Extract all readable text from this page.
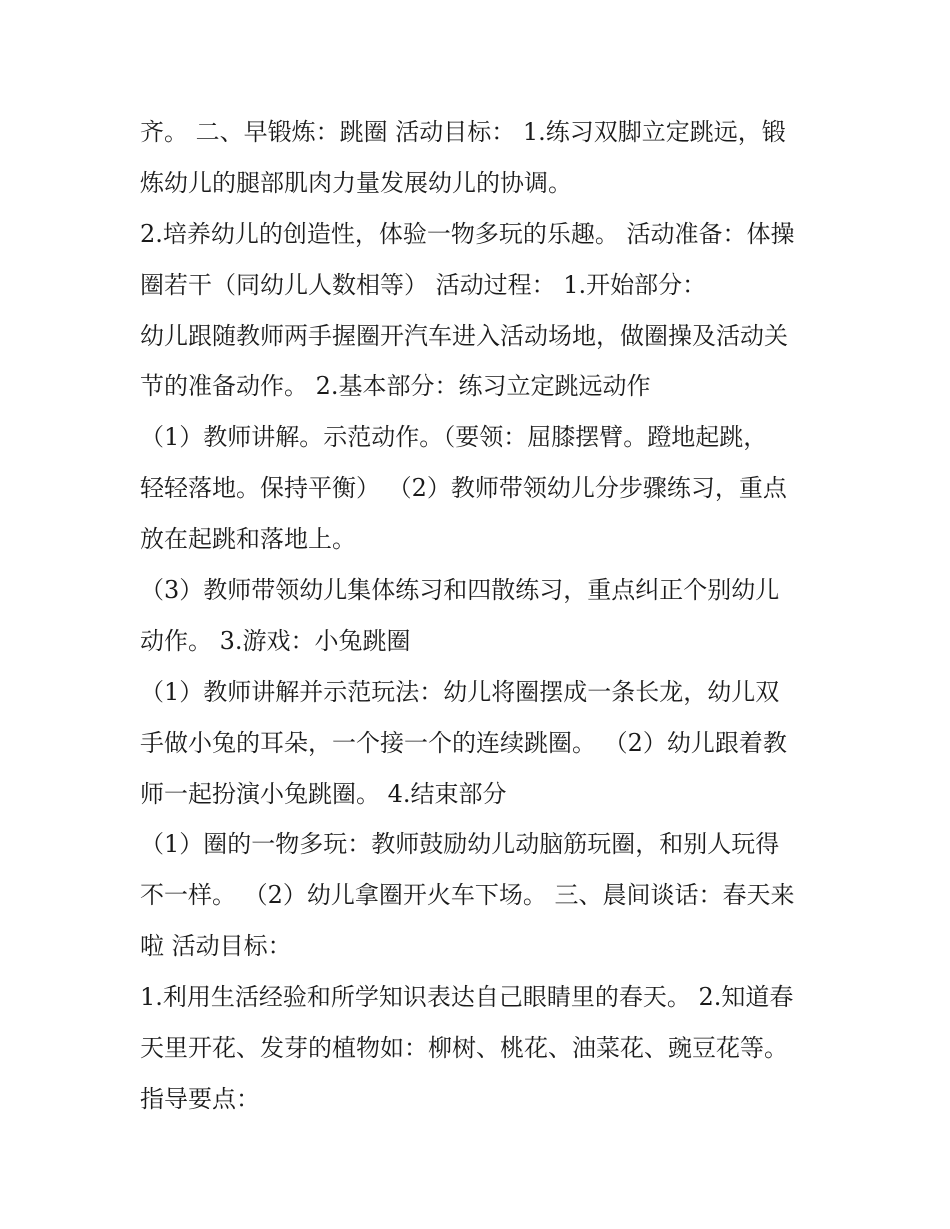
齐。 二、早锻炼：跳圈 活动目标： 1.练习双脚立定跳远，锻
炼幼儿的腿部肌肉力量发展幼儿的协调。
2.培养幼儿的创造性，体验一物多玩的乐趣。 活动准备：体操
圈若干（同幼儿人数相等） 活动过程： 1.开始部分：
幼儿跟随教师两手握圈开汽车进入活动场地，做圈操及活动关
节的准备动作。 2.基本部分：练习立定跳远动作
（1）教师讲解。示范动作。（要领：屈膝摆臂。蹬地起跳，
轻轻落地。保持平衡） （2）教师带领幼儿分步骤练习，重点
放在起跳和落地上。
（3）教师带领幼儿集体练习和四散练习，重点纠正个别幼儿
动作。 3.游戏：小兔跳圈
（1）教师讲解并示范玩法：幼儿将圈摆成一条长龙，幼儿双
手做小兔的耳朵，一个接一个的连续跳圈。 （2）幼儿跟着教
师一起扮演小兔跳圈。 4.结束部分
（1）圈的一物多玩：教师鼓励幼儿动脑筋玩圈，和别人玩得
不一样。 （2）幼儿拿圈开火车下场。 三、晨间谈话：春天来
啦 活动目标：
1.利用生活经验和所学知识表达自己眼睛里的春天。 2.知道春
天里开花、发芽的植物如：柳树、桃花、油菜花、豌豆花等。
指导要点：
